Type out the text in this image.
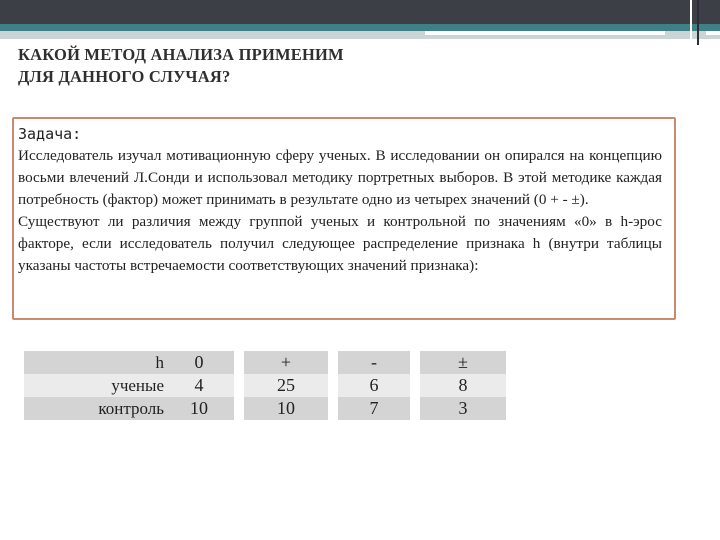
КАКОЙ МЕТОД АНАЛИЗА ПРИМЕНИМ
ДЛЯ ДАННОГО СЛУЧАЯ?
Задача:

Исследователь изучал мотивационную сферу ученых. В исследовании он опирался на концепцию восьми влечений Л.Сонди и использовал методику портретных выборов. В этой методике каждая потребность (фактор) может принимать в результате одно из четырех значений (0 + - ±).

Существуют ли различия между группой ученых и контрольной по значениям «0» в h-эрос факторе, если исследователь получил следующее распределение признака h (внутри таблицы указаны частоты встречаемости соответствующих значений признака):

h	0		+		-		±
ученые	4		25		6		8
контроль	10		10		7		3
